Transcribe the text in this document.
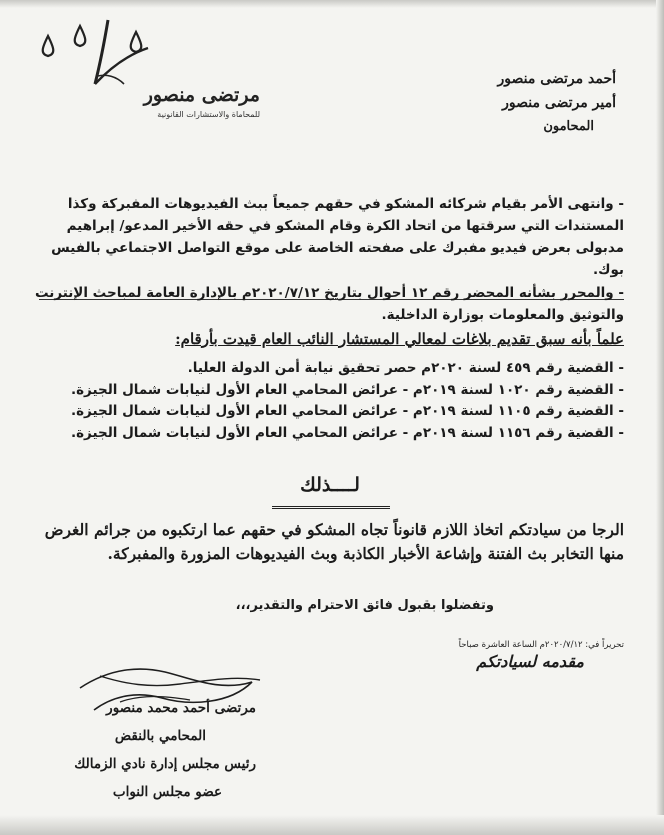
مرتضى منصور
للمحاماة والاستشارات القانونية
أحمد مرتضى منصور
أمير مرتضى منصور
المحامون
- وانتهى الأمر بقيام شركائه المشكو في حقهم جميعاً ببث الفيديوهات المفبركة وكذا المستندات التي سرقتها من اتحاد الكرة وقام المشكو في حقه الأخير المدعو/ إبراهيم مدبولى بعرض فيديو مفبرك على صفحته الخاصة على موقع التواصل الاجتماعي بالفيس بوك.
- والمحرر بشأنه المحضر رقم ١٢ أحوال بتاريخ ٢٠٢٠/٧/١٢م بالإدارة العامة لمباحث الإنترنت والتوثيق والمعلومات بوزارة الداخلية.
علماً بأنه سبق تقديم بلاغات لمعالي المستشار النائب العام قيدت بأرقام:
- القضية رقم ٤٥٩ لسنة ٢٠٢٠م حصر تحقيق نيابة أمن الدولة العليا.
- القضية رقم ١٠٢٠ لسنة ٢٠١٩م - عرائض المحامي العام الأول لنيابات شمال الجيزة.
- القضية رقم ١١٠٥ لسنة ٢٠١٩م - عرائض المحامي العام الأول لنيابات شمال الجيزة.
- القضية رقم ١١٥٦ لسنة ٢٠١٩م - عرائض المحامي العام الأول لنيابات شمال الجيزة.
لــــذلك
الرجا من سيادتكم اتخاذ اللازم قانوناً تجاه المشكو في حقهم عما ارتكبوه من جرائم الغرض منها التخابر بث الفتنة وإشاعة الأخبار الكاذبة وبث الفيديوهات المزورة والمفبركة.
وتفضلوا بقبول فائق الاحترام والتقدير،،،
تحريراً في: ٢٠٢٠/٧/١٢م الساعة العاشرة صباحاً
مقدمه لسيادتكم
مرتضى أحمد محمد منصور
المحامي بالنقض
رئيس مجلس إدارة نادي الزمالك
عضو مجلس النواب
